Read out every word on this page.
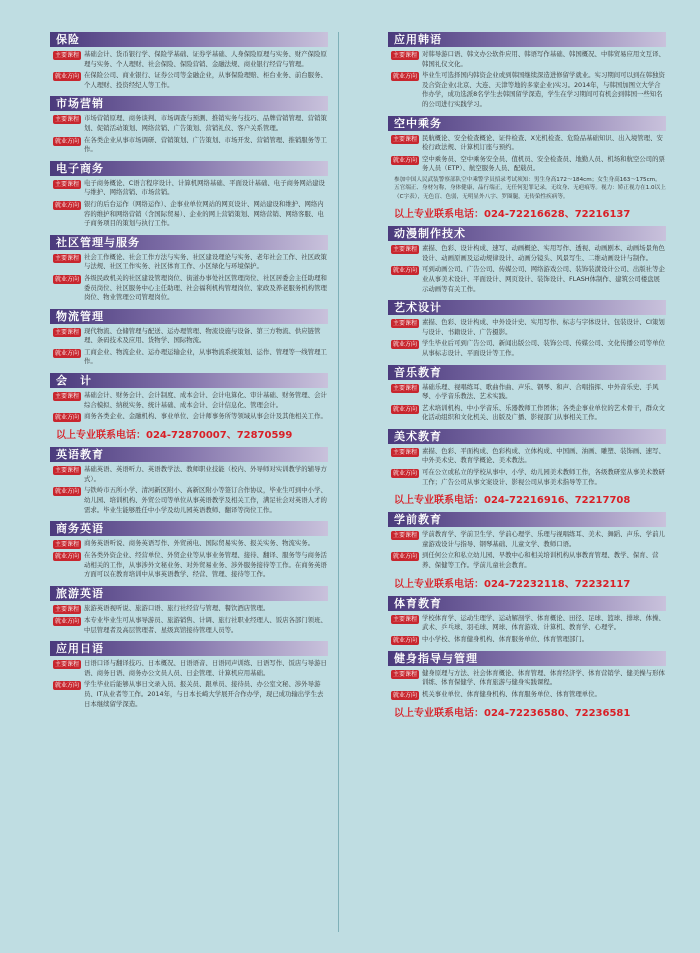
保险
主要课程 基础会计、货币银行学、保险学基础、证券学基础、人身保险原理与实务、财产保险原理与实务、个人理财、社会保险、保险营销、金融法规、商业银行经营与管理。
就业方向 在保险公司、商业银行、证券公司等金融企业，从事保险理赔、柜台业务、前台服务、个人理财、投资经纪人等工作。
市场营销
主要课程 市场营销原理、商务谈判、市场调查与预测、推销实务与技巧、品牌营销管理、营销策划、促销活动策划、网络营销、广告策划、营销礼仪、客户关系管理。
就业方向 在各类企业从事市场调研、营销策划、广告策划、市场开发、营销管理、推销服务等工作。
电子商务
主要课程 电子商务概论、C语言程序设计、计算机网络基础、平面设计基础、电子商务网站建设与维护、网络营销、市场营销。
就业方向 银行的后台运作（网络运作）、企事业单位网站的网页设计、网站建设和维护、网络内容的维护和网络营销（含国际贸易）、企业的网上营销策划、网络营销、网络客服、电子商务项目的策划与执行工作。
社区管理与服务
主要课程 社会工作概论、社会工作方法与实务、社区建设理论与实务、老年社会工作、社区政策与法规、社区工作实务、社区体育工作、小区绿化与环境保护。
就业方向 各级民政机关的社区建设管理岗位、街道办事处社区管理岗位、社区居委会主任助理和委员岗位、社区服务中心主任助理、社会福利机构管理岗位、家政及养老服务机构管理岗位、物业管理公司管理岗位。
物流管理
主要课程 现代物流、仓储管理与配送、运办理管理、物流设施与设备、第三方物流、供应链管理、条码技术及应用、货物学、国际物流。
就业方向 工商企业、物流企业、运办理运输企业，从事物流系统策划、运作、管理等一线管理工作。
会　计
主要课程 基础会计、财务会计、会计制度、成本会计、会计电算化、审计基础、财务管理、会计综合模拟、纳税实务、统计基础、成本会计、会计信息化、管理会计。
就业方向 商务各类企业、金融机构、事业单位、会计师事务所等领域从事会计及其他相关工作。
以上专业联系电话：024-72870007、72870599
英语教育
主要课程 基础英语、英语听力、英语教学法、教师职业技能（校内、外导师对实训教学的辅导方式）。
就业方向 与铁岭市五所小学、清河新区附小、高新区附小等签订合作协议，毕业生可到中小学、幼儿园、培训机构、外贸公司等单位从事英语教学及相关工作，满足社会对英语人才的需求。毕业生能够胜任中小学及幼儿园英语教师、翻译等岗位工作。
商务英语
主要课程 商务英语听说、商务英语写作、外贸函电、国际贸易实务、报关实务、物流实务。
就业方向 在各类外资企业、经营单位、外贸企业等从事业务管理、接待、翻译、服务等与商务活动相关的工作，从事涉外文秘业务、对外贸易业务、涉外服务接待等工作。在商务英语方面可以在教育培训中从事英语教学、经营、管理、接待等工作。
旅游英语
主要课程 旅游英语视听说、旅游口语、旅行社经营与管理、餐饮酒店管理。
就业方向 本专业毕业生可从事导游员、旅游销售、计调、旅行社职业经理人、饭店各部门领班、中层管理者及高层管理者、星级宾馆接待管理人员等。
应用日语
主要课程 日语口译与翻译技巧、日本概况、日语语音、日语同声训练、日语写作、饭店与导游日语、商务日语、商务办公文员人员、日企管理、计算机应用基础。
就业方向 学生毕业后能够从事日文录入员、报关员、跟单员、接待员、办公室文秘、涉外导游员、IT从业者等工作。2014年，与日本长崎大学展开合作办学，现已成功输出学生去日本继续留学深造。
应用韩语
主要课程 对韩导游口语、韩文办公软件应用、韩语写作基础、韩国概况、中韩贸易应用文互译、韩国礼仪文化。
就业方向 毕业生可选择国内韩资企业或到韩国继续深造进修留学就业。实习期间可以到在韩独资及合资企业(北京、大连、天津等地的多家企业)实习。2014年，与韩国加图立大学合作办学，成功选派8名学生去韩国留学深造，学生在学习期间可有机会到韩国一些知名的公司进行实践学习。
空中乘务
主要课程 民航概论、安全检查概论、证件检查、X光机检查、危险品基础知识、出入境管理、安检行政法规、计算机订座与预约。
就业方向 空中乘务员、空中乘务安全员、值机员、安全检查员、地勤人员、机场和航空公司的票务人员（ETP）、航空服务人员、配载员。
参加中国人民武装警察部队空中乘警学员招录考试须知：男生身高172～184cm；女生身高163～175cm。五官端正、身材匀称，身体健康，品行端正，无任何犯罪记录，无纹身、无疤痕等。视力：矫正视力在1.0以上（C字表），无色盲、色弱，无明显外八字、罗圈腿，无传染性疾病等。
以上专业联系电话：024-72216628、72216137
动漫制作技术
主要课程 素描、色彩、设计构成、速写、动画概论、实用写作、透视、动画剧本、动画场景角色设计、动画原画及运动规律设计、动画分镜头、风景写生、二维动画设计与制作。
就业方向 可到动画公司、广告公司、传媒公司、网络游戏公司、装饰装潢设计公司、出版社等企业从事美术设计、平面设计、网页设计、装饰设计、FLASH体制作、建筑公司楼盘展示动画等有关工作。
艺术设计
主要课程 素描、色彩、设计构成、中外设计史、实用写作、标志与字体设计、包装设计、CI策划与设计、书籍设计、广告摄影。
就业方向 学生毕业后可到广告公司、新闻出版公司、装饰公司、传媒公司、文化传播公司等单位从事标志设计、平面设计等工作。
音乐教育
主要课程 基础乐理、视唱练耳、歌曲作曲、声乐、钢琴、和声、合唱指挥、中外音乐史、手风琴、小学音乐教法、艺术实践。
就业方向 艺术培训机构、中小学音乐、乐器教师工作团体；各类企事业单位的艺术骨干，群众文化活动组织和文化机关、出版及广播、影视部门从事相关工作。
美术教育
主要课程 素描、色彩、平面构成、色彩构成、立体构成、中国画、油画、雕塑、装饰画、速写、中外美术史、教育学概论、美术教法。
就业方向 可在公立或私立的学校从事中、小学、幼儿园美术教师工作，各级教研室从事美术教研工作；广告公司从事文案设计、影视公司从事美术指导等工作。
以上专业联系电话：024-72216916、72217708
学前教育
主要课程 学前教育学、学前卫生学、学前心理学、乐理与视唱练耳、美术、舞蹈、声乐、学前儿童游戏设计与指导、钢琴基础、儿童文学、教师口语。
就业方向 到任何公立和私立幼儿园、早教中心和相关培训机构从事教育管理、教学、保育、营养、保健等工作。学前儿童社会教育。
以上专业联系电话：024-72232118、72232117
体育教育
主要课程 学校体育学、运动生理学、运动解剖学、体育概论、田径、足球、篮球、排球、体操、武术、乒乓球、羽毛球、网球、体育游戏、计算机、教育学、心理学。
就业方向 中小学校、体育健身机构、体育服务单位、体育管理部门。
健身指导与管理
主要课程 健身原理与方法、社会体育概论、体育管理、体育经济学、体育营销学、健美操与形体训练、体育保健学、体育旅游与健身实践课程。
就业方向 机关事业单位、体育健身机构、体育服务单位、体育管理单位。
以上专业联系电话：024-72236580、72236581
